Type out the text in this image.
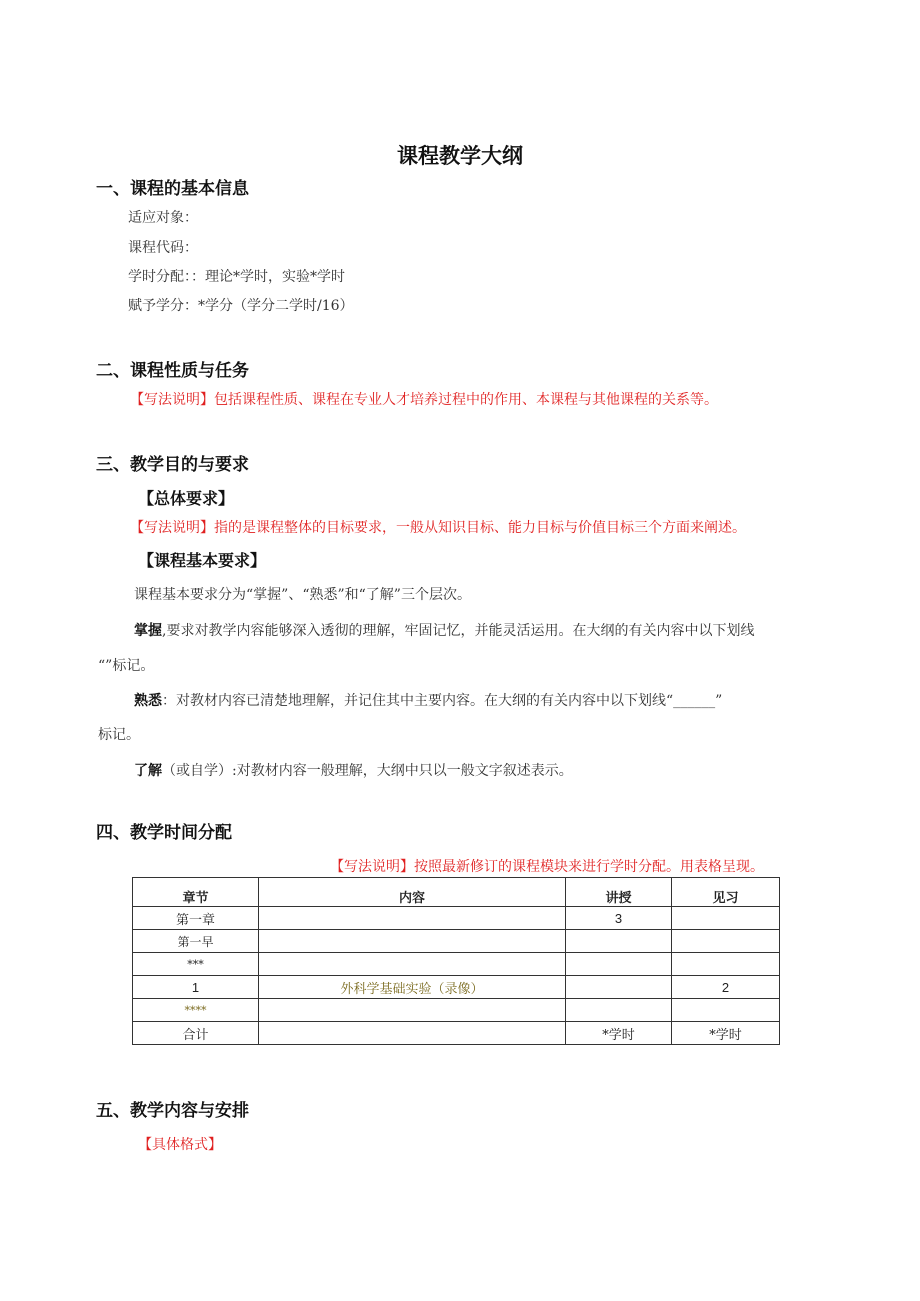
课程教学大纲
一、课程的基本信息
适应对象：
课程代码：
学时分配：：理论*学时，实验*学时
赋予学分：*学分（学分二学时/16）
二、课程性质与任务
【写法说明】包括课程性质、课程在专业人才培养过程中的作用、本课程与其他课程的关系等。
三、教学目的与要求
【总体要求】
【写法说明】指的是课程整体的目标要求，一般从知识目标、能力目标与价值目标三个方面来阐述。
【课程基本要求】
课程基本要求分为“掌握”、“熟悉”和“了解”三个层次。
掌握,要求对教学内容能够深入透彻的理解，牢固记忆，并能灵活运用。在大纲的有关内容中以下划线
“”标记。
熟悉：对教材内容已清楚地理解，并记住其中主要内容。在大纲的有关内容中以下划线“______”
标记。
了解（或自学）:对教材内容一般理解，大纲中只以一般文字叙述表示。
四、教学时间分配
【写法说明】按照最新修订的课程模块来进行学时分配。用表格呈现。
章节	内容	讲授	见习
第一章		3	
第一早			
***			
1	外科学基础实验（录像）		2
****			
合计		*学时	*学时
五、教学内容与安排
【具体格式】
